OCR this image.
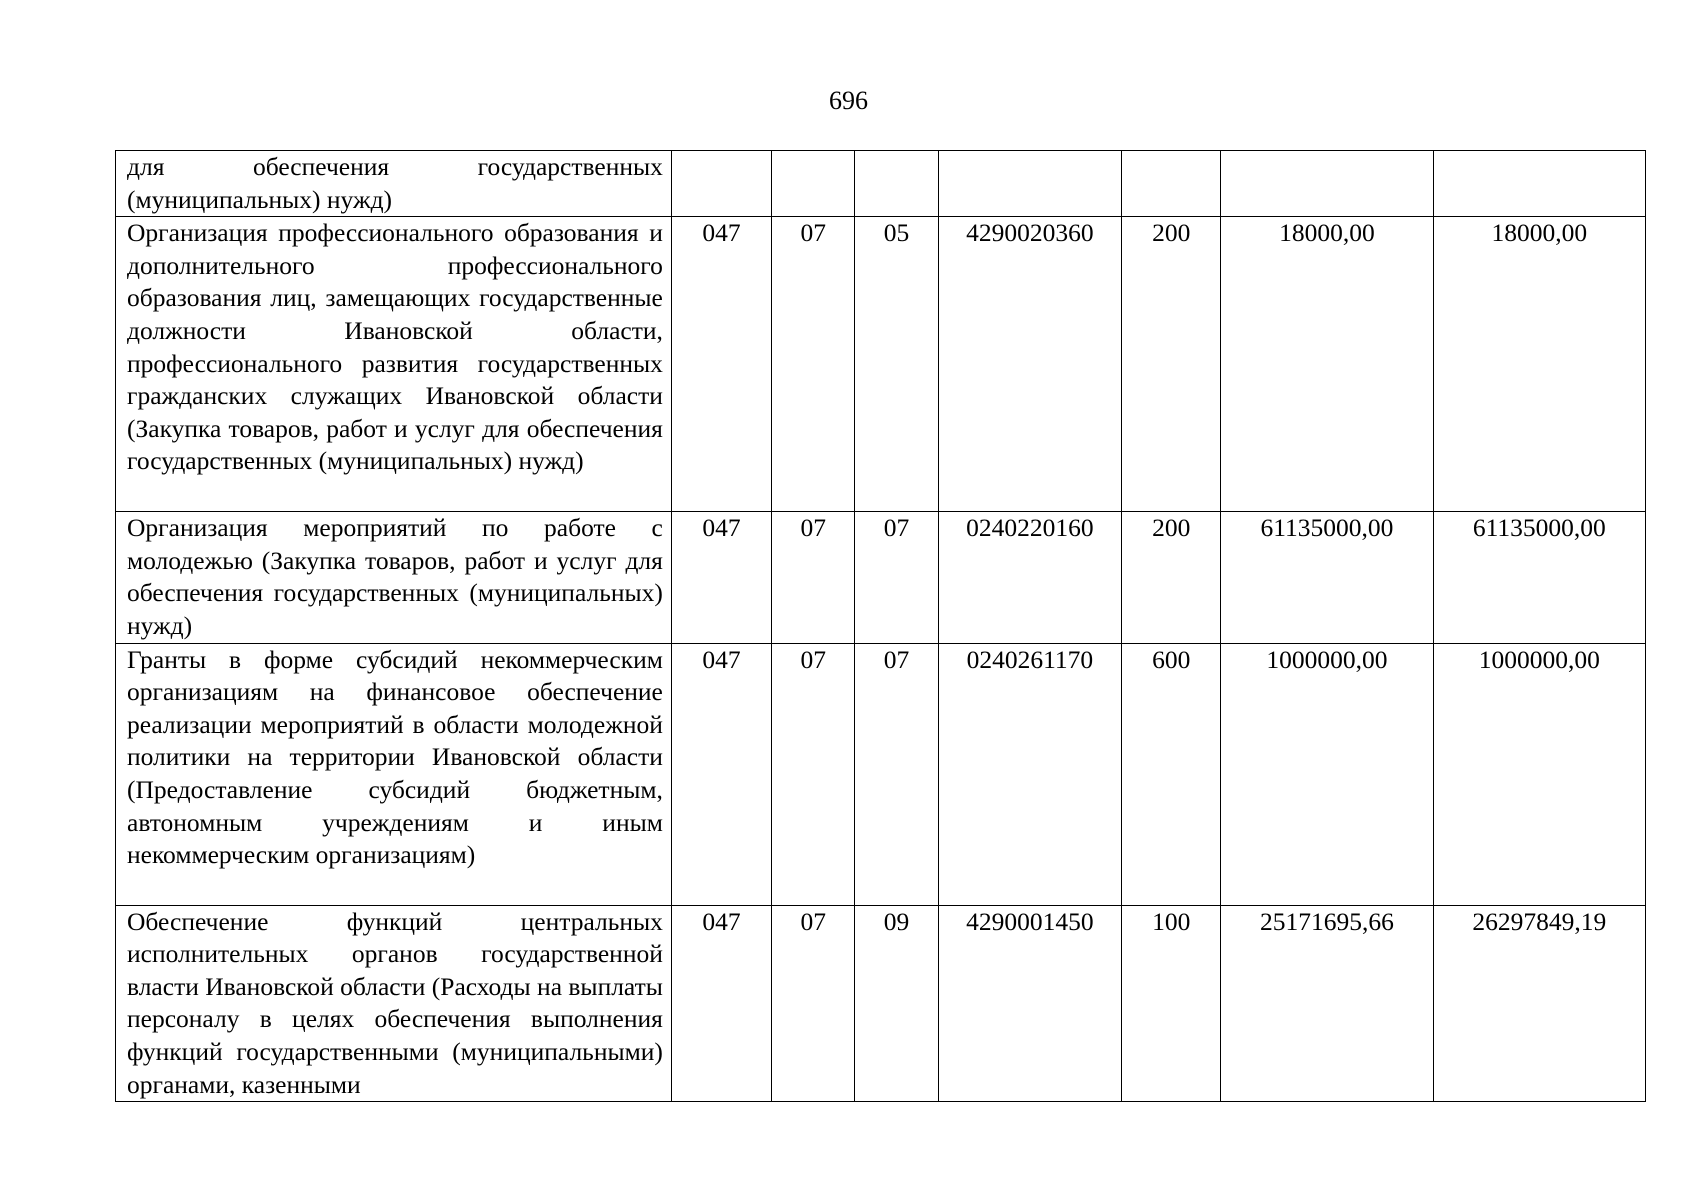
696
для обеспечения государственных (муниципальных) нужд)							
Организация профессионального образования и дополнительного профессионального образования лиц, замещающих государственные должности Ивановской области, профессионального развития государственных гражданских служащих Ивановской области (Закупка товаров, работ и услуг для обеспечения государственных (муниципальных) нужд)	047	07	05	4290020360	200	18000,00	18000,00
Организация мероприятий по работе с молодежью (Закупка товаров, работ и услуг для обеспечения государственных (муниципальных) нужд)	047	07	07	0240220160	200	61135000,00	61135000,00
Гранты в форме субсидий некоммерческим организациям на финансовое обеспечение реализации мероприятий в области молодежной политики на территории Ивановской области (Предоставление субсидий бюджетным, автономным учреждениям и иным некоммерческим организациям)	047	07	07	0240261170	600	1000000,00	1000000,00
Обеспечение функций центральных исполнительных органов государственной власти Ивановской области (Расходы на выплаты персоналу в целях обеспечения выполнения функций государственными (муниципальными) органами, казенными	047	07	09	4290001450	100	25171695,66	26297849,19
